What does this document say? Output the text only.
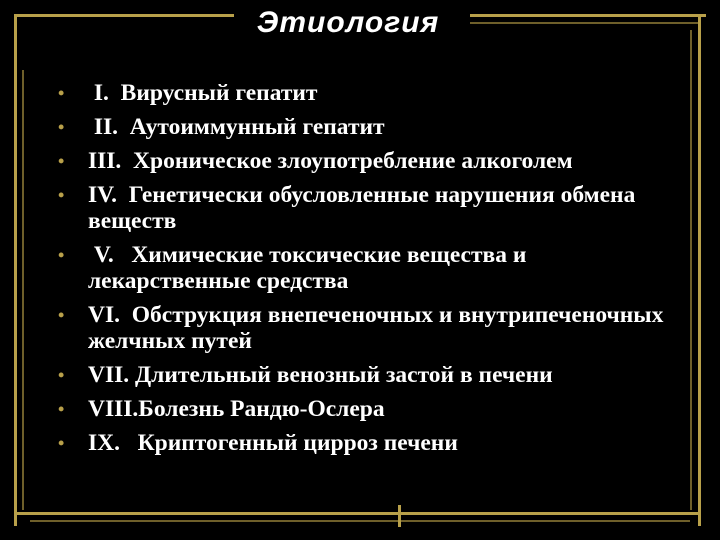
Этиология
• I.  Вирусный гепатит
• II.  Аутоиммунный гепатит
• III.  Хроническое злоупотребление алкоголем
• IV.  Генетически обусловленные нарушения обмена веществ
• V.   Химические токсические вещества и лекарственные средства
• VI.  Обструкция внепеченочных и внутрипеченочных  желчных путей
• VII. Длительный венозный застой в печени
• VIII.Болезнь Рандю-Ослера
• IX.   Криптогенный цирроз печени
